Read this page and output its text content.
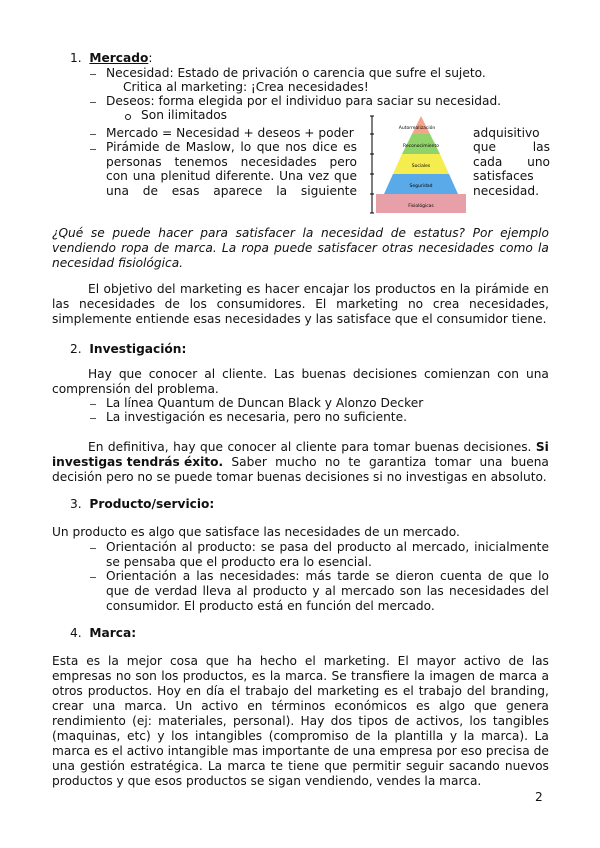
1. Mercado:
Necesidad: Estado de privación o carencia que sufre el sujeto.
Critica al marketing: ¡Crea necesidades!
Deseos: forma elegida por el individuo para saciar su necesidad.
Son ilimitados
Mercado = Necesidad + deseos + poder	adquisitivo
Pirámide de Maslow, lo que nos dice es
personas tenemos necesidades pero
con una plenitud diferente. Una vez que
una de esas aparece la siguiente
que	las
cada uno
satisfaces
necesidad.
Autorrealización
Reconocimiento
Sociales
Seguridad
Fisiológicas
¿Qué se puede hacer para satisfacer la necesidad de estatus? Por ejemplo
vendiendo ropa de marca. La ropa puede satisfacer otras necesidades como la
necesidad fisiológica.
El objetivo del marketing es hacer encajar los productos en la pirámide en
las necesidades de los consumidores. El marketing no crea necesidades,
simplemente entiende esas necesidades y las satisface que el consumidor tiene.
2. Investigación:
Hay que conocer al cliente. Las buenas decisiones comienzan con una
comprensión del problema.
La línea Quantum de Duncan Black y Alonzo Decker
La investigación es necesaria, pero no suficiente.
En definitiva, hay que conocer al cliente para tomar buenas decisiones. Si
investigas tendrás éxito. Saber mucho no te garantiza tomar una buena
decisión pero no se puede tomar buenas decisiones si no investigas en absoluto.
3. Producto/servicio:
Un producto es algo que satisface las necesidades de un mercado.
Orientación al producto: se pasa del producto al mercado, inicialmente
se pensaba que el producto era lo esencial.
Orientación a las necesidades: más tarde se dieron cuenta de que lo
que de verdad lleva al producto y al mercado son las necesidades del
consumidor. El producto está en función del mercado.
4. Marca:
Esta es la mejor cosa que ha hecho el marketing. El mayor activo de las
empresas no son los productos, es la marca. Se transfiere la imagen de marca a
otros productos. Hoy en día el trabajo del marketing es el trabajo del branding,
crear una marca. Un activo en términos económicos es algo que genera
rendimiento (ej: materiales, personal). Hay dos tipos de activos, los tangibles
(maquinas, etc) y los intangibles (compromiso de la plantilla y la marca). La
marca es el activo intangible mas importante de una empresa por eso precisa de
una gestión estratégica. La marca te tiene que permitir seguir sacando nuevos
productos y que esos productos se sigan vendiendo, vendes la marca.
2
